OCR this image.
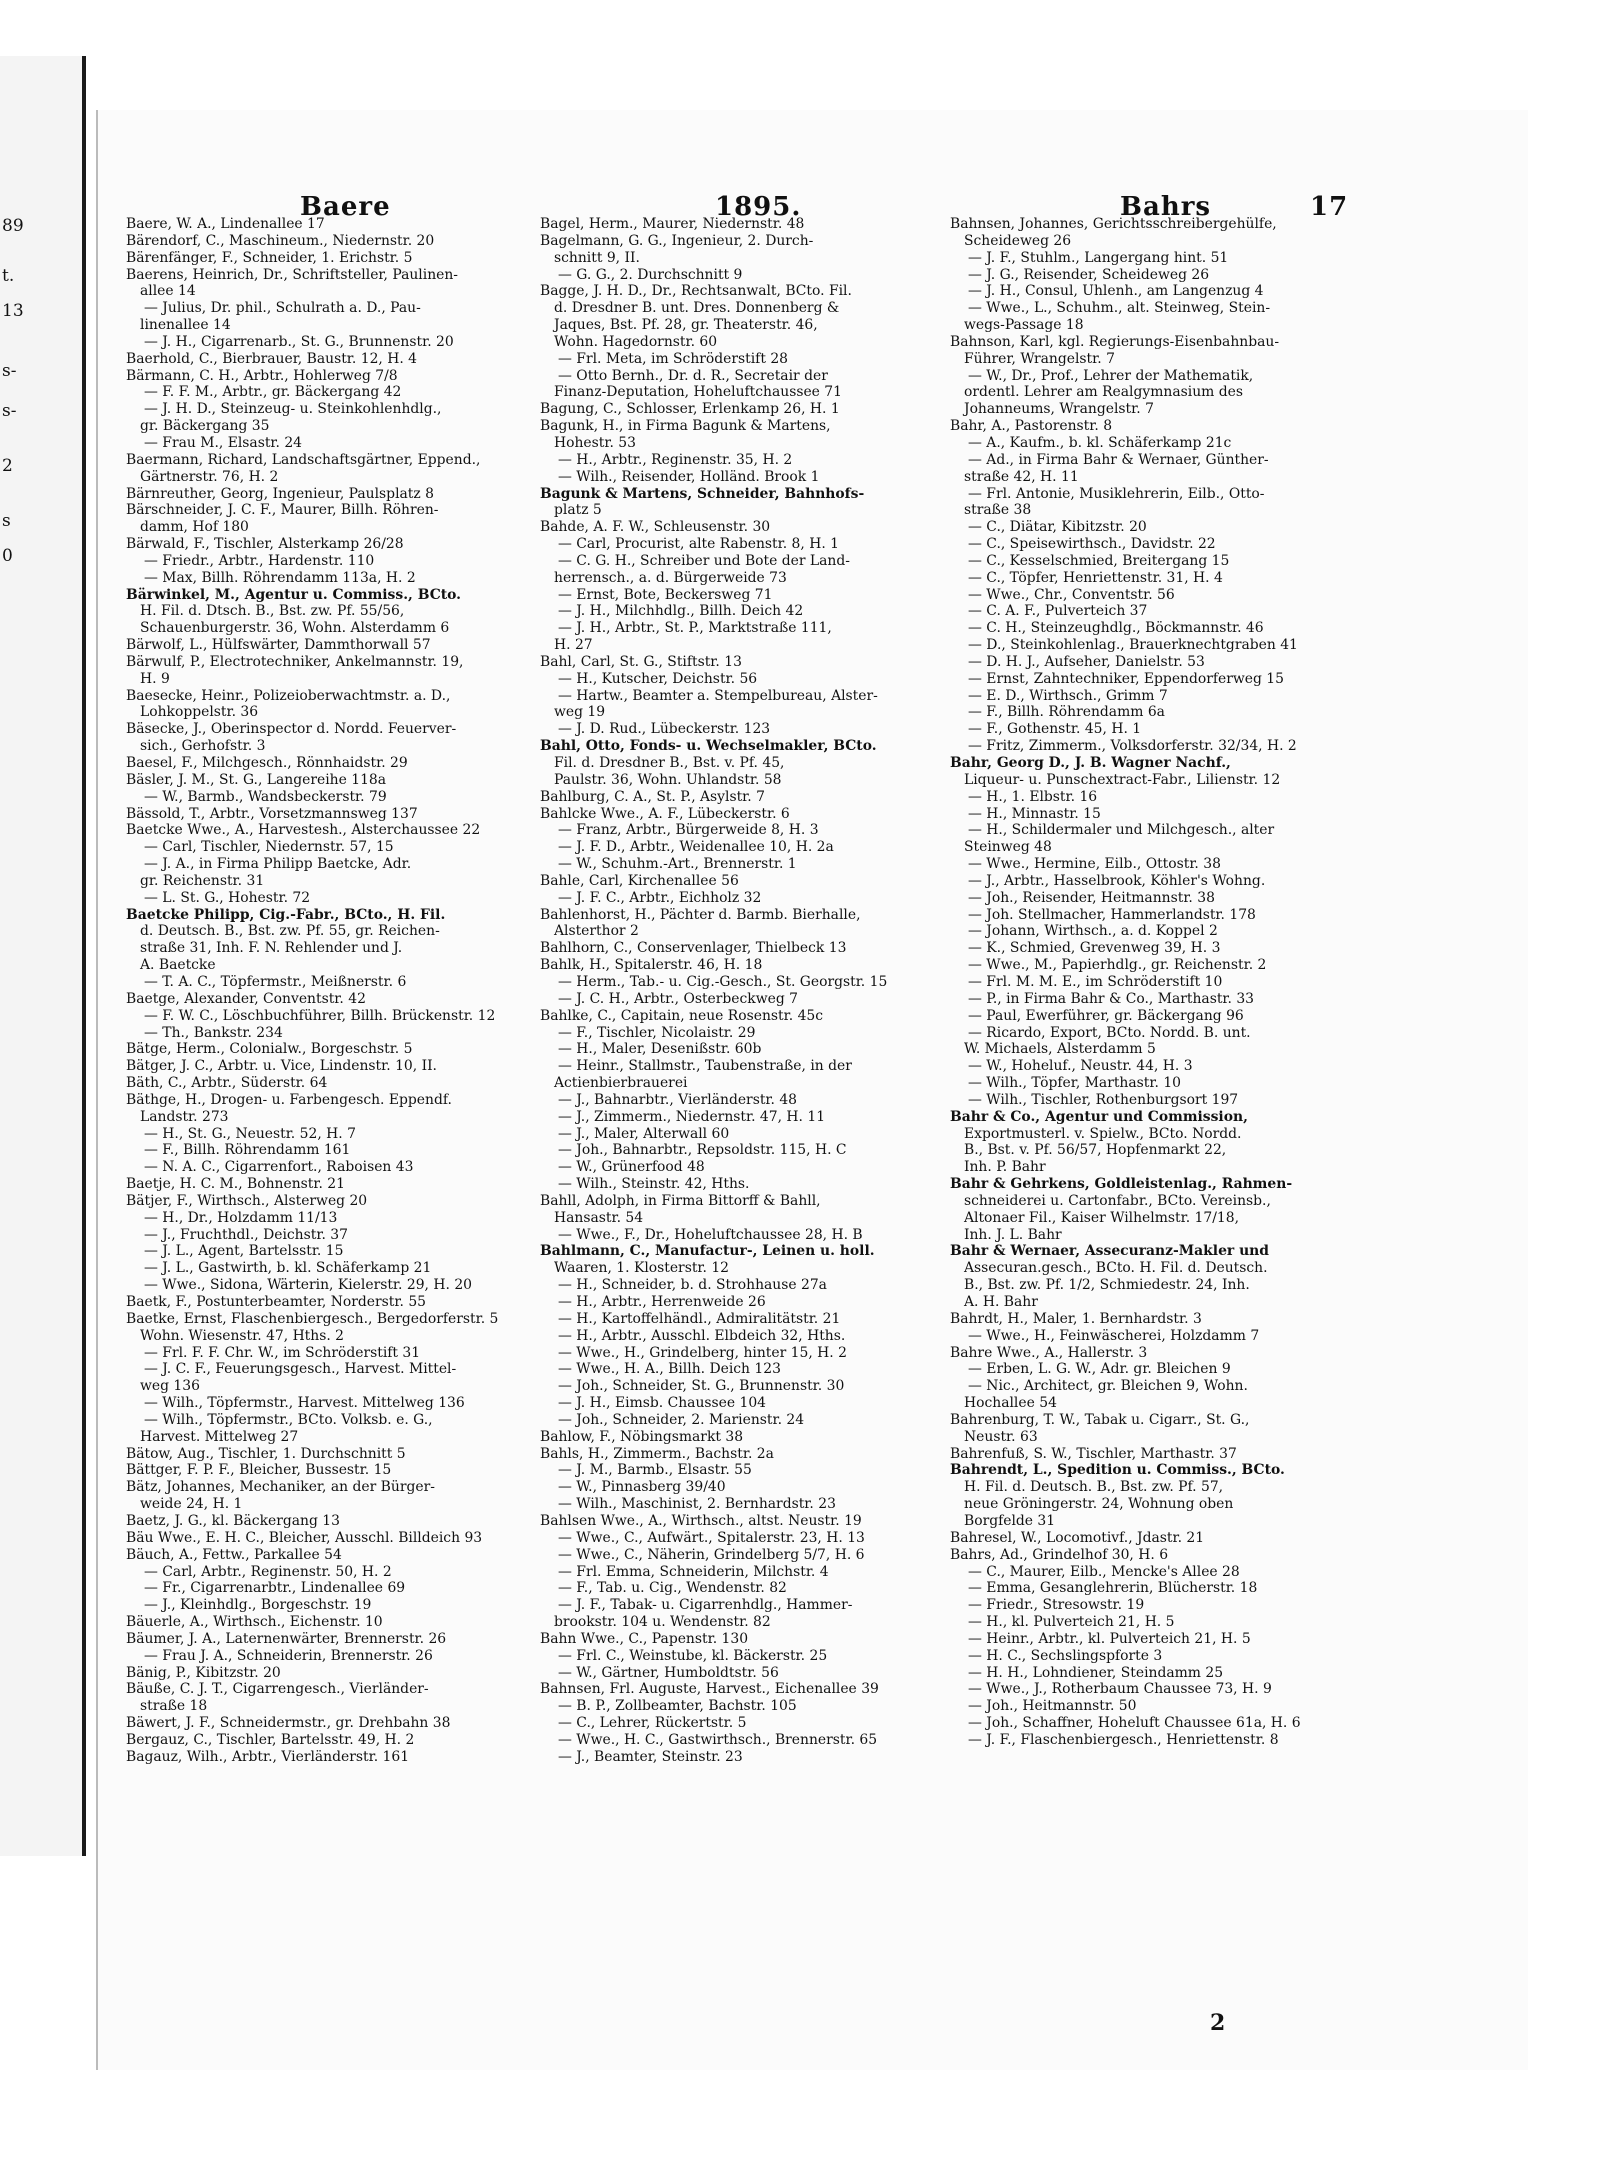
89
t.
13
s-
s-
2
s
0
Baere	1895.	Bahrs	17
Baere, W. A., Lindenallee 17
Bärendorf, C., Maschineum., Niedernstr. 20
Bärenfänger, F., Schneider, 1. Erichstr. 5
Baerens, Heinrich, Dr., Schriftsteller, Paulinen-
allee 14
— Julius, Dr. phil., Schulrath a. D., Pau-
linenallee 14
— J. H., Cigarrenarb., St. G., Brunnenstr. 20
Baerhold, C., Bierbrauer, Baustr. 12, H. 4
Bärmann, C. H., Arbtr., Hohlerweg 7/8
— F. F. M., Arbtr., gr. Bäckergang 42
— J. H. D., Steinzeug- u. Steinkohlenhdlg.,
gr. Bäckergang 35
— Frau M., Elsastr. 24
Baermann, Richard, Landschaftsgärtner, Eppend.,
Gärtnerstr. 76, H. 2
Bärnreuther, Georg, Ingenieur, Paulsplatz 8
Bärschneider, J. C. F., Maurer, Billh. Röhren-
damm, Hof 180
Bärwald, F., Tischler, Alsterkamp 26/28
— Friedr., Arbtr., Hardenstr. 110
— Max, Billh. Röhrendamm 113a, H. 2
Bärwinkel, M., Agentur u. Commiss., BCto.
H. Fil. d. Dtsch. B., Bst. zw. Pf. 55/56,
Schauenburgerstr. 36, Wohn. Alsterdamm 6
Bärwolf, L., Hülfswärter, Dammthorwall 57
Bärwulf, P., Electrotechniker, Ankelmannstr. 19,
H. 9
Baesecke, Heinr., Polizeioberwachtmstr. a. D.,
Lohkoppelstr. 36
Bäsecke, J., Oberinspector d. Nordd. Feuerver-
sich., Gerhofstr. 3
Baesel, F., Milchgesch., Rönnhaidstr. 29
Bäsler, J. M., St. G., Langereihe 118a
— W., Barmb., Wandsbeckerstr. 79
Bässold, T., Arbtr., Vorsetzmannsweg 137
Baetcke Wwe., A., Harvestesh., Alsterchaussee 22
— Carl, Tischler, Niedernstr. 57, 15
— J. A., in Firma Philipp Baetcke, Adr.
gr. Reichenstr. 31
— L. St. G., Hohestr. 72
Baetcke Philipp, Cig.-Fabr., BCto., H. Fil.
d. Deutsch. B., Bst. zw. Pf. 55, gr. Reichen-
straße 31, Inh. F. N. Rehlender und J.
A. Baetcke
— T. A. C., Töpfermstr., Meißnerstr. 6
Baetge, Alexander, Conventstr. 42
— F. W. C., Löschbuchführer, Billh. Brückenstr. 12
— Th., Bankstr. 234
Bätge, Herm., Colonialw., Borgeschstr. 5
Bätger, J. C., Arbtr. u. Vice, Lindenstr. 10, II.
Bäth, C., Arbtr., Süderstr. 64
Bäthge, H., Drogen- u. Farbengesch. Eppendf.
Landstr. 273
— H., St. G., Neuestr. 52, H. 7
— F., Billh. Röhrendamm 161
— N. A. C., Cigarrenfort., Raboisen 43
Baetje, H. C. M., Bohnenstr. 21
Bätjer, F., Wirthsch., Alsterweg 20
— H., Dr., Holzdamm 11/13
— J., Fruchthdl., Deichstr. 37
— J. L., Agent, Bartelsstr. 15
— J. L., Gastwirth, b. kl. Schäferkamp 21
— Wwe., Sidona, Wärterin, Kielerstr. 29, H. 20
Baetk, F., Postunterbeamter, Norderstr. 55
Baetke, Ernst, Flaschenbiergesch., Bergedorferstr. 5
Wohn. Wiesenstr. 47, Hths. 2
— Frl. F. F. Chr. W., im Schröderstift 31
— J. C. F., Feuerungsgesch., Harvest. Mittel-
weg 136
— Wilh., Töpfermstr., Harvest. Mittelweg 136
— Wilh., Töpfermstr., BCto. Volksb. e. G.,
Harvest. Mittelweg 27
Bätow, Aug., Tischler, 1. Durchschnitt 5
Bättger, F. P. F., Bleicher, Bussestr. 15
Bätz, Johannes, Mechaniker, an der Bürger-
weide 24, H. 1
Baetz, J. G., kl. Bäckergang 13
Bäu Wwe., E. H. C., Bleicher, Ausschl. Billdeich 93
Bäuch, A., Fettw., Parkallee 54
— Carl, Arbtr., Reginenstr. 50, H. 2
— Fr., Cigarrenarbtr., Lindenallee 69
— J., Kleinhdlg., Borgeschstr. 19
Bäuerle, A., Wirthsch., Eichenstr. 10
Bäumer, J. A., Laternenwärter, Brennerstr. 26
— Frau J. A., Schneiderin, Brennerstr. 26
Bänig, P., Kibitzstr. 20
Bäuße, C. J. T., Cigarrengesch., Vierländer-
straße 18
Bäwert, J. F., Schneidermstr., gr. Drehbahn 38
Bergauz, C., Tischler, Bartelsstr. 49, H. 2
Bagauz, Wilh., Arbtr., Vierländerstr. 161
Bagel, Herm., Maurer, Niedernstr. 48
Bagelmann, G. G., Ingenieur, 2. Durch-
schnitt 9, II.
— G. G., 2. Durchschnitt 9
Bagge, J. H. D., Dr., Rechtsanwalt, BCto. Fil.
d. Dresdner B. unt. Dres. Donnenberg &
Jaques, Bst. Pf. 28, gr. Theaterstr. 46,
Wohn. Hagedornstr. 60
— Frl. Meta, im Schröderstift 28
— Otto Bernh., Dr. d. R., Secretair der
Finanz-Deputation, Hoheluftchaussee 71
Bagung, C., Schlosser, Erlenkamp 26, H. 1
Bagunk, H., in Firma Bagunk & Martens,
Hohestr. 53
— H., Arbtr., Reginenstr. 35, H. 2
— Wilh., Reisender, Holländ. Brook 1
Bagunk & Martens, Schneider, Bahnhofs-
platz 5
Bahde, A. F. W., Schleusenstr. 30
— Carl, Procurist, alte Rabenstr. 8, H. 1
— C. G. H., Schreiber und Bote der Land-
herrensch., a. d. Bürgerweide 73
— Ernst, Bote, Beckersweg 71
— J. H., Milchhdlg., Billh. Deich 42
— J. H., Arbtr., St. P., Marktstraße 111,
H. 27
Bahl, Carl, St. G., Stiftstr. 13
— H., Kutscher, Deichstr. 56
— Hartw., Beamter a. Stempelbureau, Alster-
weg 19
— J. D. Rud., Lübeckerstr. 123
Bahl, Otto, Fonds- u. Wechselmakler, BCto.
Fil. d. Dresdner B., Bst. v. Pf. 45,
Paulstr. 36, Wohn. Uhlandstr. 58
Bahlburg, C. A., St. P., Asylstr. 7
Bahlcke Wwe., A. F., Lübeckerstr. 6
— Franz, Arbtr., Bürgerweide 8, H. 3
— J. F. D., Arbtr., Weidenallee 10, H. 2a
— W., Schuhm.-Art., Brennerstr. 1
Bahle, Carl, Kirchenallee 56
— J. F. C., Arbtr., Eichholz 32
Bahlenhorst, H., Pächter d. Barmb. Bierhalle,
Alsterthor 2
Bahlhorn, C., Conservenlager, Thielbeck 13
Bahlk, H., Spitalerstr. 46, H. 18
— Herm., Tab.- u. Cig.-Gesch., St. Georgstr. 15
— J. C. H., Arbtr., Osterbeckweg 7
Bahlke, C., Capitain, neue Rosenstr. 45c
— F., Tischler, Nicolaistr. 29
— H., Maler, Desenißstr. 60b
— Heinr., Stallmstr., Taubenstraße, in der
Actienbierbrauerei
— J., Bahnarbtr., Vierländerstr. 48
— J., Zimmerm., Niedernstr. 47, H. 11
— J., Maler, Alterwall 60
— Joh., Bahnarbtr., Repsoldstr. 115, H. C
— W., Grünerfood 48
— Wilh., Steinstr. 42, Hths.
Bahll, Adolph, in Firma Bittorff & Bahll,
Hansastr. 54
— Wwe., F., Dr., Hoheluftchaussee 28, H. B
Bahlmann, C., Manufactur-, Leinen u. holl.
Waaren, 1. Klosterstr. 12
— H., Schneider, b. d. Strohhause 27a
— H., Arbtr., Herrenweide 26
— H., Kartoffelhändl., Admiralitätstr. 21
— H., Arbtr., Ausschl. Elbdeich 32, Hths.
— Wwe., H., Grindelberg, hinter 15, H. 2
— Wwe., H. A., Billh. Deich 123
— Joh., Schneider, St. G., Brunnenstr. 30
— J. H., Eimsb. Chaussee 104
— Joh., Schneider, 2. Marienstr. 24
Bahlow, F., Nöbingsmarkt 38
Bahls, H., Zimmerm., Bachstr. 2a
— J. M., Barmb., Elsastr. 55
— W., Pinnasberg 39/40
— Wilh., Maschinist, 2. Bernhardstr. 23
Bahlsen Wwe., A., Wirthsch., altst. Neustr. 19
— Wwe., C., Aufwärt., Spitalerstr. 23, H. 13
— Wwe., C., Näherin, Grindelberg 5/7, H. 6
— Frl. Emma, Schneiderin, Milchstr. 4
— F., Tab. u. Cig., Wendenstr. 82
— J. F., Tabak- u. Cigarrenhdlg., Hammer-
brookstr. 104 u. Wendenstr. 82
Bahn Wwe., C., Papenstr. 130
— Frl. C., Weinstube, kl. Bäckerstr. 25
— W., Gärtner, Humboldtstr. 56
Bahnsen, Frl. Auguste, Harvest., Eichenallee 39
— B. P., Zollbeamter, Bachstr. 105
— C., Lehrer, Rückertstr. 5
— Wwe., H. C., Gastwirthsch., Brennerstr. 65
— J., Beamter, Steinstr. 23
Bahnsen, Johannes, Gerichtsschreibergehülfe,
Scheideweg 26
— J. F., Stuhlm., Langergang hint. 51
— J. G., Reisender, Scheideweg 26
— J. H., Consul, Uhlenh., am Langenzug 4
— Wwe., L., Schuhm., alt. Steinweg, Stein-
wegs-Passage 18
Bahnson, Karl, kgl. Regierungs-Eisenbahnbau-
Führer, Wrangelstr. 7
— W., Dr., Prof., Lehrer der Mathematik,
ordentl. Lehrer am Realgymnasium des
Johanneums, Wrangelstr. 7
Bahr, A., Pastorenstr. 8
— A., Kaufm., b. kl. Schäferkamp 21c
— Ad., in Firma Bahr & Wernaer, Günther-
straße 42, H. 11
— Frl. Antonie, Musiklehrerin, Eilb., Otto-
straße 38
— C., Diätar, Kibitzstr. 20
— C., Speisewirthsch., Davidstr. 22
— C., Kesselschmied, Breitergang 15
— C., Töpfer, Henriettenstr. 31, H. 4
— Wwe., Chr., Conventstr. 56
— C. A. F., Pulverteich 37
— C. H., Steinzeughdlg., Böckmannstr. 46
— D., Steinkohlenlag., Brauerknechtgraben 41
— D. H. J., Aufseher, Danielstr. 53
— Ernst, Zahntechniker, Eppendorferweg 15
— E. D., Wirthsch., Grimm 7
— F., Billh. Röhrendamm 6a
— F., Gothenstr. 45, H. 1
— Fritz, Zimmerm., Volksdorferstr. 32/34, H. 2
Bahr, Georg D., J. B. Wagner Nachf.,
Liqueur- u. Punschextract-Fabr., Lilienstr. 12
— H., 1. Elbstr. 16
— H., Minnastr. 15
— H., Schildermaler und Milchgesch., alter
Steinweg 48
— Wwe., Hermine, Eilb., Ottostr. 38
— J., Arbtr., Hasselbrook, Köhler's Wohng.
— Joh., Reisender, Heitmannstr. 38
— Joh. Stellmacher, Hammerlandstr. 178
— Johann, Wirthsch., a. d. Koppel 2
— K., Schmied, Grevenweg 39, H. 3
— Wwe., M., Papierhdlg., gr. Reichenstr. 2
— Frl. M. M. E., im Schröderstift 10
— P., in Firma Bahr & Co., Marthastr. 33
— Paul, Ewerführer, gr. Bäckergang 96
— Ricardo, Export, BCto. Nordd. B. unt.
W. Michaels, Alsterdamm 5
— W., Hoheluf., Neustr. 44, H. 3
— Wilh., Töpfer, Marthastr. 10
— Wilh., Tischler, Rothenburgsort 197
Bahr & Co., Agentur und Commission,
Exportmusterl. v. Spielw., BCto. Nordd.
B., Bst. v. Pf. 56/57, Hopfenmarkt 22,
Inh. P. Bahr
Bahr & Gehrkens, Goldleistenlag., Rahmen-
schneiderei u. Cartonfabr., BCto. Vereinsb.,
Altonaer Fil., Kaiser Wilhelmstr. 17/18,
Inh. J. L. Bahr
Bahr & Wernaer, Assecuranz-Makler und
Assecuran.gesch., BCto. H. Fil. d. Deutsch.
B., Bst. zw. Pf. 1/2, Schmiedestr. 24, Inh.
A. H. Bahr
Bahrdt, H., Maler, 1. Bernhardstr. 3
— Wwe., H., Feinwäscherei, Holzdamm 7
Bahre Wwe., A., Hallerstr. 3
— Erben, L. G. W., Adr. gr. Bleichen 9
— Nic., Architect, gr. Bleichen 9, Wohn.
Hochallee 54
Bahrenburg, T. W., Tabak u. Cigarr., St. G.,
Neustr. 63
Bahrenfuß, S. W., Tischler, Marthastr. 37
Bahrendt, L., Spedition u. Commiss., BCto.
H. Fil. d. Deutsch. B., Bst. zw. Pf. 57,
neue Gröningerstr. 24, Wohnung oben
Borgfelde 31
Bahresel, W., Locomotivf., Jdastr. 21
Bahrs, Ad., Grindelhof 30, H. 6
— C., Maurer, Eilb., Mencke's Allee 28
— Emma, Gesanglehrerin, Blücherstr. 18
— Friedr., Stresowstr. 19
— H., kl. Pulverteich 21, H. 5
— Heinr., Arbtr., kl. Pulverteich 21, H. 5
— H. C., Sechslingspforte 3
— H. H., Lohndiener, Steindamm 25
— Wwe., J., Rotherbaum Chaussee 73, H. 9
— Joh., Heitmannstr. 50
— Joh., Schaffner, Hoheluft Chaussee 61a, H. 6
— J. F., Flaschenbiergesch., Henriettenstr. 8
2
